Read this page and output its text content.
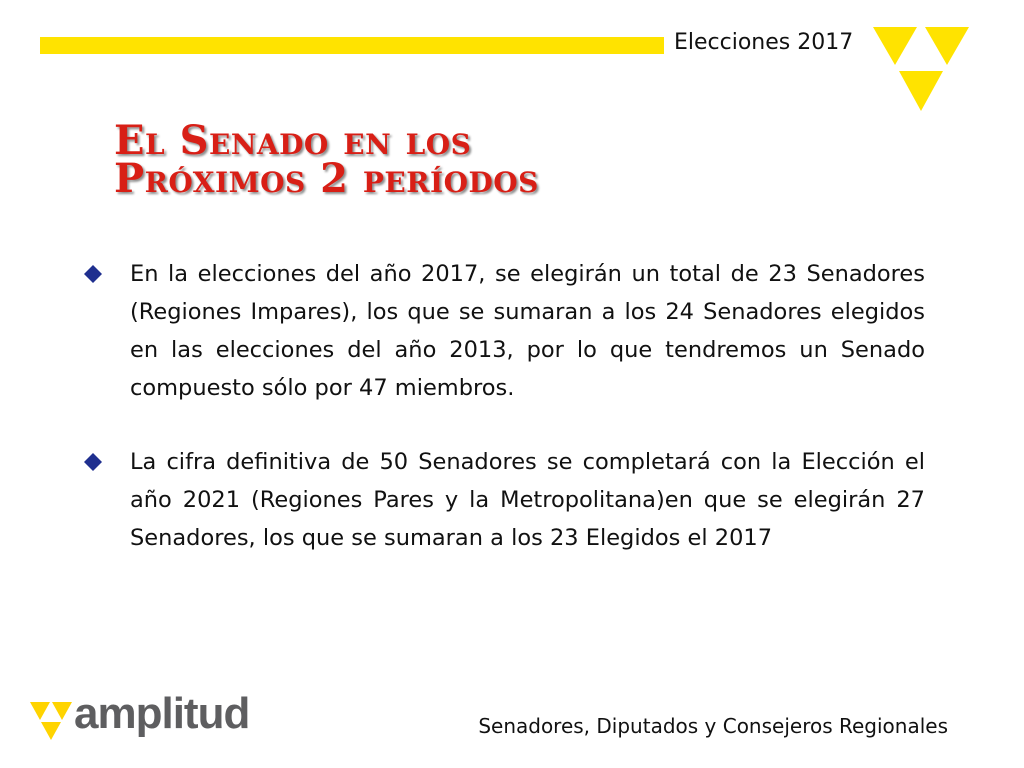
Elecciones 2017
El Senado en los
Próximos 2 períodos
En la elecciones del año 2017, se elegirán un total de 23 Senadores (Regiones Impares), los que se sumaran a los 24 Senadores elegidos en las elecciones del año 2013, por lo que tendremos un Senado compuesto sólo por 47 miembros.
La cifra definitiva de 50 Senadores se completará con la Elección el año 2021 (Regiones Pares y la Metropolitana)en que se elegirán 27 Senadores, los que se sumaran a los 23 Elegidos el 2017
amplitud	Senadores, Diputados y Consejeros Regionales
